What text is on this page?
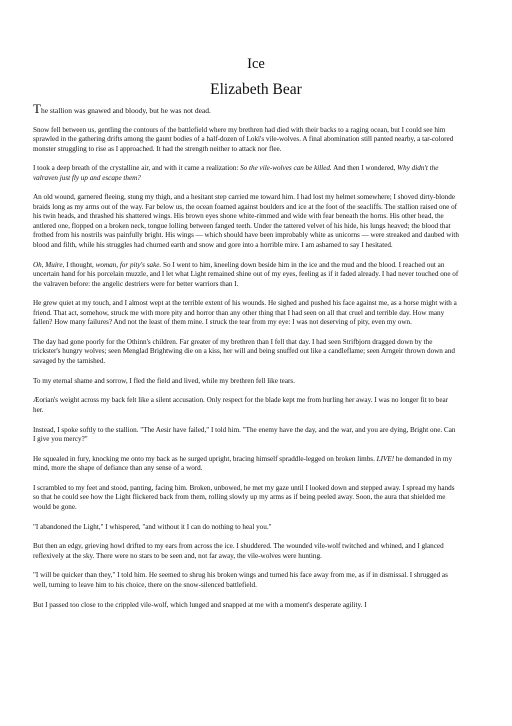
Ice
Elizabeth Bear

The stallion was gnawed and bloody, but he was not dead.

Snow fell between us, gentling the contours of the battlefield where my brethren had died with their backs to a raging ocean, but I could see him sprawled in the gathering drifts among the gaunt bodies of a half-dozen of Loki's vile-wolves. A final abomination still panted nearby, a tar-colored monster struggling to rise as I approached. It had the strength neither to attack nor flee.

I took a deep breath of the crystalline air, and with it came a realization: So the vile-wolves can be killed. And then I wondered, Why didn't the valraven just fly up and escape them?

An old wound, garnered fleeing, stung my thigh, and a hesitant step carried me toward him. I had lost my helmet somewhere; I shoved dirty-blonde braids long as my arms out of the way. Far below us, the ocean foamed against boulders and ice at the foot of the seacliffs. The stallion raised one of his twin heads, and thrashed his shattered wings. His brown eyes shone white-rimmed and wide with fear beneath the horns. His other head, the antlered one, flopped on a broken neck, tongue lolling between fanged teeth. Under the tattered velvet of his hide, his lungs heaved; the blood that frothed from his nostrils was painfully bright. His wings — which should have been improbably white as unicorns — were streaked and daubed with blood and filth, while his struggles had churned earth and snow and gore into a horrible mire. I am ashamed to say I hesitated.

Oh, Muire, I thought, woman, for pity's sake. So I went to him, kneeling down beside him in the ice and the mud and the blood. I reached out an uncertain hand for his porcelain muzzle, and I let what Light remained shine out of my eyes, feeling as if it faded already. I had never touched one of the valraven before: the angelic destriers were for better warriors than I.

He grew quiet at my touch, and I almost wept at the terrible extent of his wounds. He sighed and pushed his face against me, as a horse might with a friend. That act, somehow, struck me with more pity and horror than any other thing that I had seen on all that cruel and terrible day. How many fallen? How many failures? And not the least of them mine. I struck the tear from my eye: I was not deserving of pity, even my own.

The day had gone poorly for the Othinn's children. Far greater of my brethren than I fell that day. I had seen Strifbjorn dragged down by the trickster's hungry wolves; seen Menglad Brightwing die on a kiss, her will and being snuffed out like a candleflame; seen Arngeir thrown down and savaged by the tarnished.

To my eternal shame and sorrow, I fled the field and lived, while my brethren fell like tears.

Æorian's weight across my back felt like a silent accusation. Only respect for the blade kept me from hurling her away. I was no longer fit to bear her.

Instead, I spoke softly to the stallion. "The Aesir have failed," I told him. "The enemy have the day, and the war, and you are dying, Bright one. Can I give you mercy?"

He squealed in fury, knocking me onto my back as he surged upright, bracing himself spraddle-legged on broken limbs. LIVE! he demanded in my mind, more the shape of defiance than any sense of a word.

I scrambled to my feet and stood, panting, facing him. Broken, unbowed, he met my gaze until I looked down and stepped away. I spread my hands so that he could see how the Light flickered back from them, rolling slowly up my arms as if being peeled away. Soon, the aura that shielded me would be gone.

"I abandoned the Light," I whispered, "and without it I can do nothing to heal you."

But then an edgy, grieving howl drifted to my ears from across the ice. I shuddered. The wounded vile-wolf twitched and whined, and I glanced reflexively at the sky. There were no stars to be seen and, not far away, the vile-wolves were hunting.

"I will be quicker than they," I told him. He seemed to shrug his broken wings and turned his face away from me, as if in dismissal. I shrugged as well, turning to leave him to his choice, there on the snow-silenced battlefield.

But I passed too close to the crippled vile-wolf, which lunged and snapped at me with a moment's desperate agility. I
